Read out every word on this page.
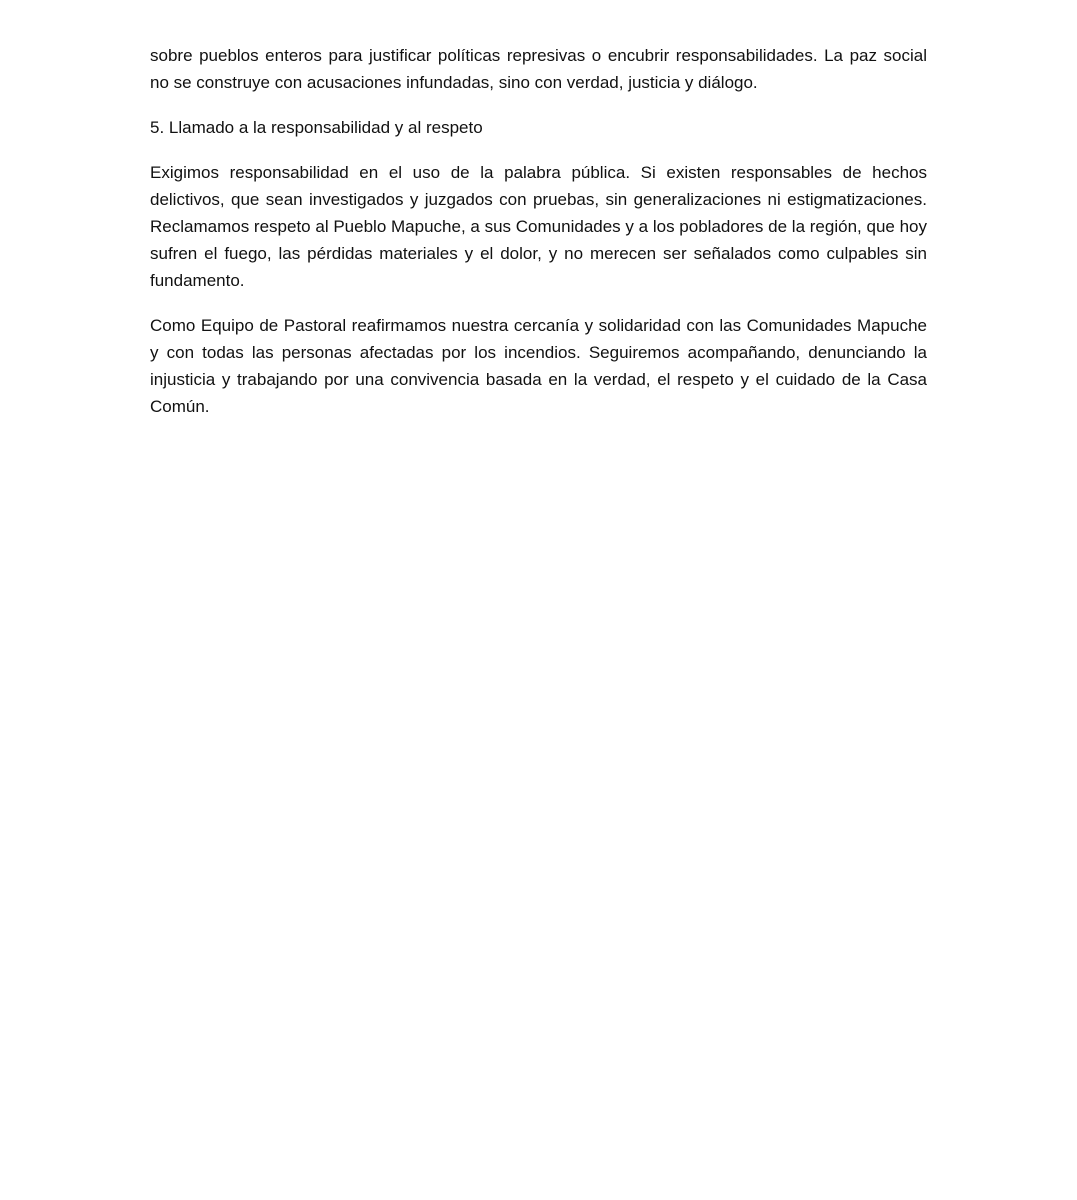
sobre pueblos enteros para justificar políticas represivas o encubrir responsabilidades. La paz social no se construye con acusaciones infundadas, sino con verdad, justicia y diálogo.

5. Llamado a la responsabilidad y al respeto

Exigimos responsabilidad en el uso de la palabra pública. Si existen responsables de hechos delictivos, que sean investigados y juzgados con pruebas, sin generalizaciones ni estigmatizaciones. Reclamamos respeto al Pueblo Mapuche, a sus Comunidades y a los pobladores de la región, que hoy sufren el fuego, las pérdidas materiales y el dolor, y no merecen ser señalados como culpables sin fundamento.

Como Equipo de Pastoral reafirmamos nuestra cercanía y solidaridad con las Comunidades Mapuche y con todas las personas afectadas por los incendios. Seguiremos acompañando, denunciando la injusticia y trabajando por una convivencia basada en la verdad, el respeto y el cuidado de la Casa Común.
